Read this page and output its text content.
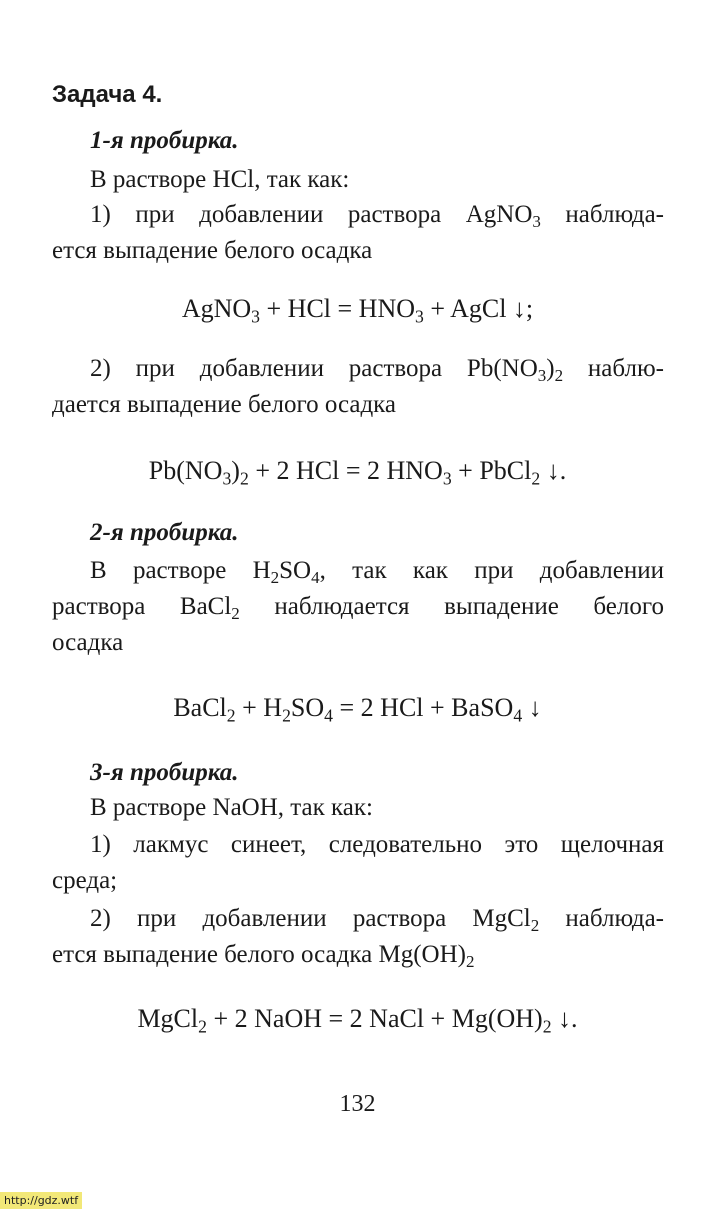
Задача 4.
1-я пробирка.
В растворе HCl, так как:
1) при добавлении раствора AgNO$_3$ наблюда-
ется выпадение белого осадка
AgNO$_3$ + HCl = $HNO_3$ + AgCl ↓;
2) при добавлении раствора $Pb(NO_3)_2$ наблю-
дается выпадение белого осадка
$Pb(NO_3)_2 + 2$ HCl = 2 $HNO_3$ + PbCl$_2$ ↓.
2-я пробирка.
В растворе $H_2SO_4$, так как при добавлении
раствора BaCl$_2$ наблюдается выпадение белого
осадка
BaCl$_2$ + $H_2SO_4 = 2$ HCl + BaSO$_4$ ↓
3-я пробирка.
В растворе NaOH, так как:
1) лакмус синеет, следовательно это щелочная
среда;
2) при добавлении раствора MgCl$_2$ наблюда-
ется выпадение белого осадка $Mg(OH)_2$
MgCl$_2$ + 2 NaOH = 2 NaCl + $Mg(OH)_2$ ↓.
132
http://gdz.wtf
